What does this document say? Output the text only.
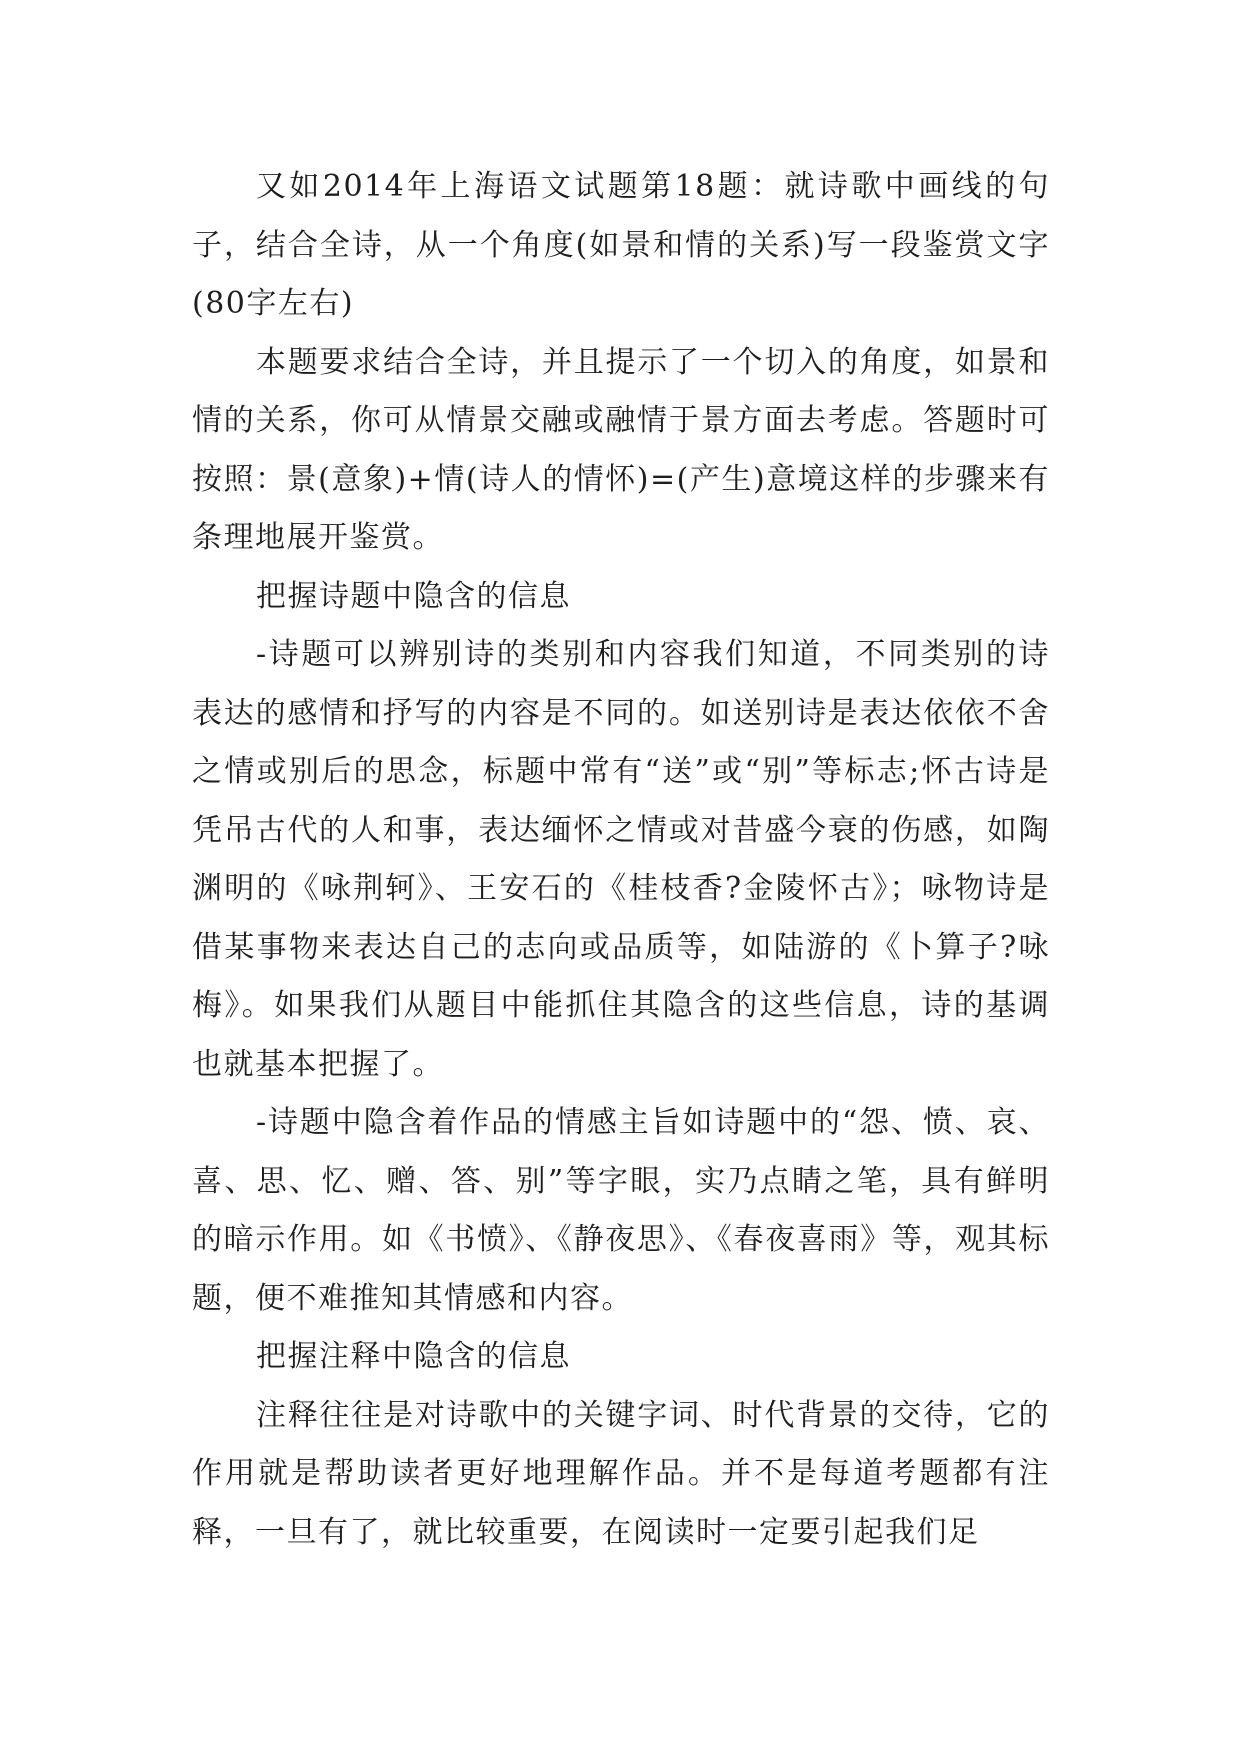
又如2014年上海语文试题第18题：就诗歌中画线的句子，结合全诗，从一个角度(如景和情的关系)写一段鉴赏文字(80字左右)

本题要求结合全诗，并且提示了一个切入的角度，如景和情的关系，你可从情景交融或融情于景方面去考虑。答题时可按照：景(意象)+情(诗人的情怀)=(产生)意境这样的步骤来有条理地展开鉴赏。

把握诗题中隐含的信息

-诗题可以辨别诗的类别和内容我们知道，不同类别的诗表达的感情和抒写的内容是不同的。如送别诗是表达依依不舍之情或别后的思念，标题中常有“送”或“别”等标志;怀古诗是凭吊古代的人和事，表达缅怀之情或对昔盛今衰的伤感，如陶渊明的《咏荆轲》、王安石的《桂枝香?金陵怀古》；咏物诗是借某事物来表达自己的志向或品质等，如陆游的《卜算子?咏梅》。如果我们从题目中能抓住其隐含的这些信息，诗的基调也就基本把握了。

-诗题中隐含着作品的情感主旨如诗题中的“怨、愤、哀、喜、思、忆、赠、答、别”等字眼，实乃点睛之笔，具有鲜明的暗示作用。如《书愤》、《静夜思》、《春夜喜雨》等，观其标题，便不难推知其情感和内容。

把握注释中隐含的信息

注释往往是对诗歌中的关键字词、时代背景的交待，它的作用就是帮助读者更好地理解作品。并不是每道考题都有注释，一旦有了，就比较重要，在阅读时一定要引起我们足
